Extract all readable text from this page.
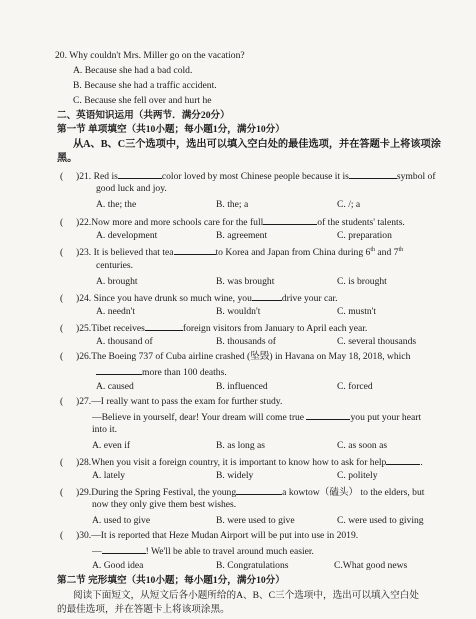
20. Why couldn't Mrs. Miller go on the vacation?
A. Because she had a bad cold.
B. Because she had a traffic accident.
C. Because she fell over and hurt he
二、英语知识运用（共两节．满分20分）
第一节 单项填空（共10小题；每小题1分，满分10分）
从A、B、C三个选项中，选出可以填入空白处的最佳选项，并在答题卡上将该项涂
黑。
( )21. Red is	color loved by most Chinese people because it is	symbol of
good luck and joy.
A. the; the	B. the; a	C. /; a
( )22.Now more and more schools care for the full	of the students' talents.
A. development	B. agreement	C. preparation
( )23. It is believed that tea	to Korea and Japan from China during 6th and 7th
centuries.
A. brought	B. was brought	C. is brought
( )24. Since you have drunk so much wine, you	drive your car.
A. needn't	B. wouldn't	C. mustn't
( )25.Tibet receives	foreign visitors from January to April each year.
A. thousand of	B. thousands of	C. several thousands
( )26.The Boeing 737 of Cuba airline crashed (坠毁) in Havana on May 18, 2018, which
more than 100 deaths.
A. caused	B. influenced	C. forced
( )27.—I really want to pass the exam for further study.
—Believe in yourself, dear! Your dream will come true	you put your heart
into it.
A. even if	B. as long as	C. as soon as
( )28.When you visit a foreign country, it is important to know how to ask for help	.
A. lately	B. widely	C. politely
( )29.During the Spring Festival, the young	a kowtow（磕头） to the elders, but
now they only give them best wishes.
A. used to give	B. were used to give	C. were used to giving
( )30.—It is reported that Heze Mudan Airport will be put into use in 2019.
—	! We'll be able to travel around much easier.
A. Good idea	B. Congratulations	C.What good news
第二节 完形填空（共10小题；每小题1分，满分10分）
阅读下面短文，从短文后各小题所给的A、B、C三个选项中，选出可以填入空白处
的最佳选项，并在答题卡上将该项涂黑。
